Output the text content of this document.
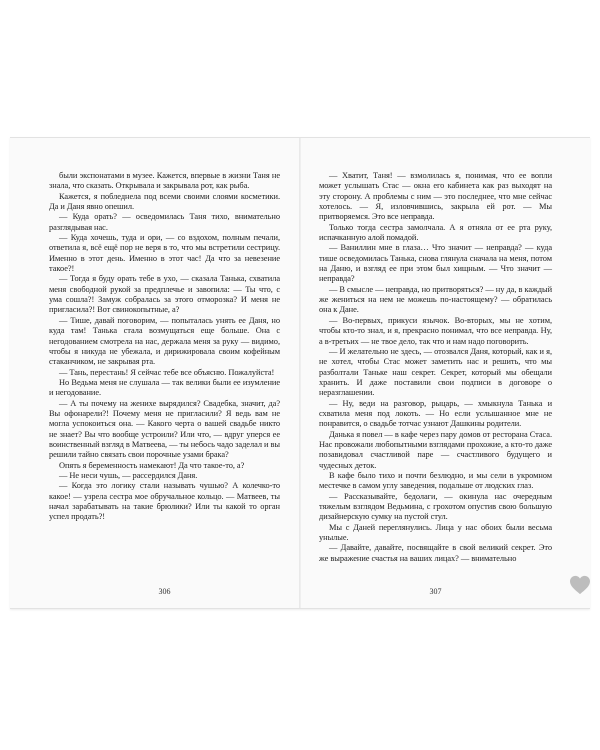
были экспонатами в музее. Кажется, впервые в жизни Таня не знала, что сказать. Открывала и закрывала рот, как рыба.

Кажется, я побледнела под всеми своими слоями косметики. Да и Даня явно опешил.

— Куда орать? — осведомилась Таня тихо, внимательно разглядывая нас.

— Куда хочешь, туда и ори, — со вздохом, полным печали, ответила я, всё ещё пор не веря в то, что мы встретили сестрицу. Именно в этот день. Именно в этот час! Да что за невезение такое?!

— Тогда я буду орать тебе в ухо, — сказала Танька, схватила меня свободной рукой за предплечье и завопила: — Ты что, с ума сошла?! Замуж собралась за этого отморозка? И меня не пригласила?! Вот свинокопытные, а?

— Тише, давай поговорим, — попыталась унять ее Даня, но куда там! Танька стала возмущаться еще больше. Она с негодованием смотрела на нас, держала меня за руку — видимо, чтобы я никуда не убежала, и дирижировала своим кофейным стаканчиком, не закрывая рта.

— Тань, перестань! Я сейчас тебе все объясню. Пожалуйста!

Но Ведьма меня не слушала — так велики были ее изумление и негодование.

— А ты почему на женихе вырядился? Свадебка, значит, да? Вы офонарели?! Почему меня не пригласили? Я ведь вам не могла успокоиться она. — Какого черта о вашей свадьбе никто не знает? Вы что вообще устроили? Или что, — вдруг уперся ее воинственный взгляд в Матвеева, — ты небось чадо заделал и вы решили тайно связать свои порочные узами брака?

Опять я беременность намекают! Да что такое-то, а?

— Не неси чушь, — рассердился Даня.

— Когда это логику стали называть чушью? А колечко-то какое! — узрела сестра мое обручальное кольцо. — Матвеев, ты начал зарабатывать на такие брюлики? Или ты какой то орган успел продать?!

306

— Хватит, Таня! — взмолилась я, понимая, что ее вопли может услышать Стас — окна его кабинета как раз выходят на эту сторону. А проблемы с ним — это последнее, что мне сейчас хотелось. — Я, изловчившись, закрыла ей рот. — Мы притворяемся. Это все неправда.

Только тогда сестра замолчала. А я отняла от ее рта руку, испачканную алой помадой.

— Ваниллин мне в глаза… Что значит — неправда? — куда тише осведомилась Танька, снова глянула сначала на меня, потом на Даню, и взгляд ее при этом был хищным. — Что значит — неправда?

— В смысле — неправда, но притворяться? — ну да, в каждый же жениться на нем не можешь по-настоящему? — обратилась она к Дане.

— Во-первых, прикуси язычок. Во-вторых, мы не хотим, чтобы кто-то знал, и я, прекрасно понимал, что все неправда. Ну, а в-третьих — не твое дело, так что и нам надо поговорить.

— И желательно не здесь, — отозвался Даня, который, как и я, не хотел, чтобы Стас может заметить нас и решить, что мы разболтали Таньке наш секрет. Секрет, который мы обещали хранить. И даже поставили свои подписи в договоре о неразглашении.

— Ну, веди на разговор, рыцарь, — хмыкнула Танька и схватила меня под локоть. — Но если услышанное мне не понравится, о свадьбе тотчас узнают Дашкины родители.

Данька я повел — в кафе через пару домов от ресторана Стаса. Нас провожали любопытными взглядами прохожие, а кто-то даже позавидовал счастливой паре — счастливого будущего и чудесных деток.

В кафе было тихо и почти безлюдно, и мы сели в укромном местечке в самом углу заведения, подальше от людских глаз.

— Рассказывайте, бедолаги, — окинула нас очередным тяжелым взглядом Ведьмина, с грохотом опустив свою большую дизайнерскую сумку на пустой стул.

Мы с Даней переглянулись. Лица у нас обоих были весьма унылые.

— Давайте, давайте, посвящайте в свой великий секрет. Это же выражение счастья на ваших лицах? — внимательно

307
